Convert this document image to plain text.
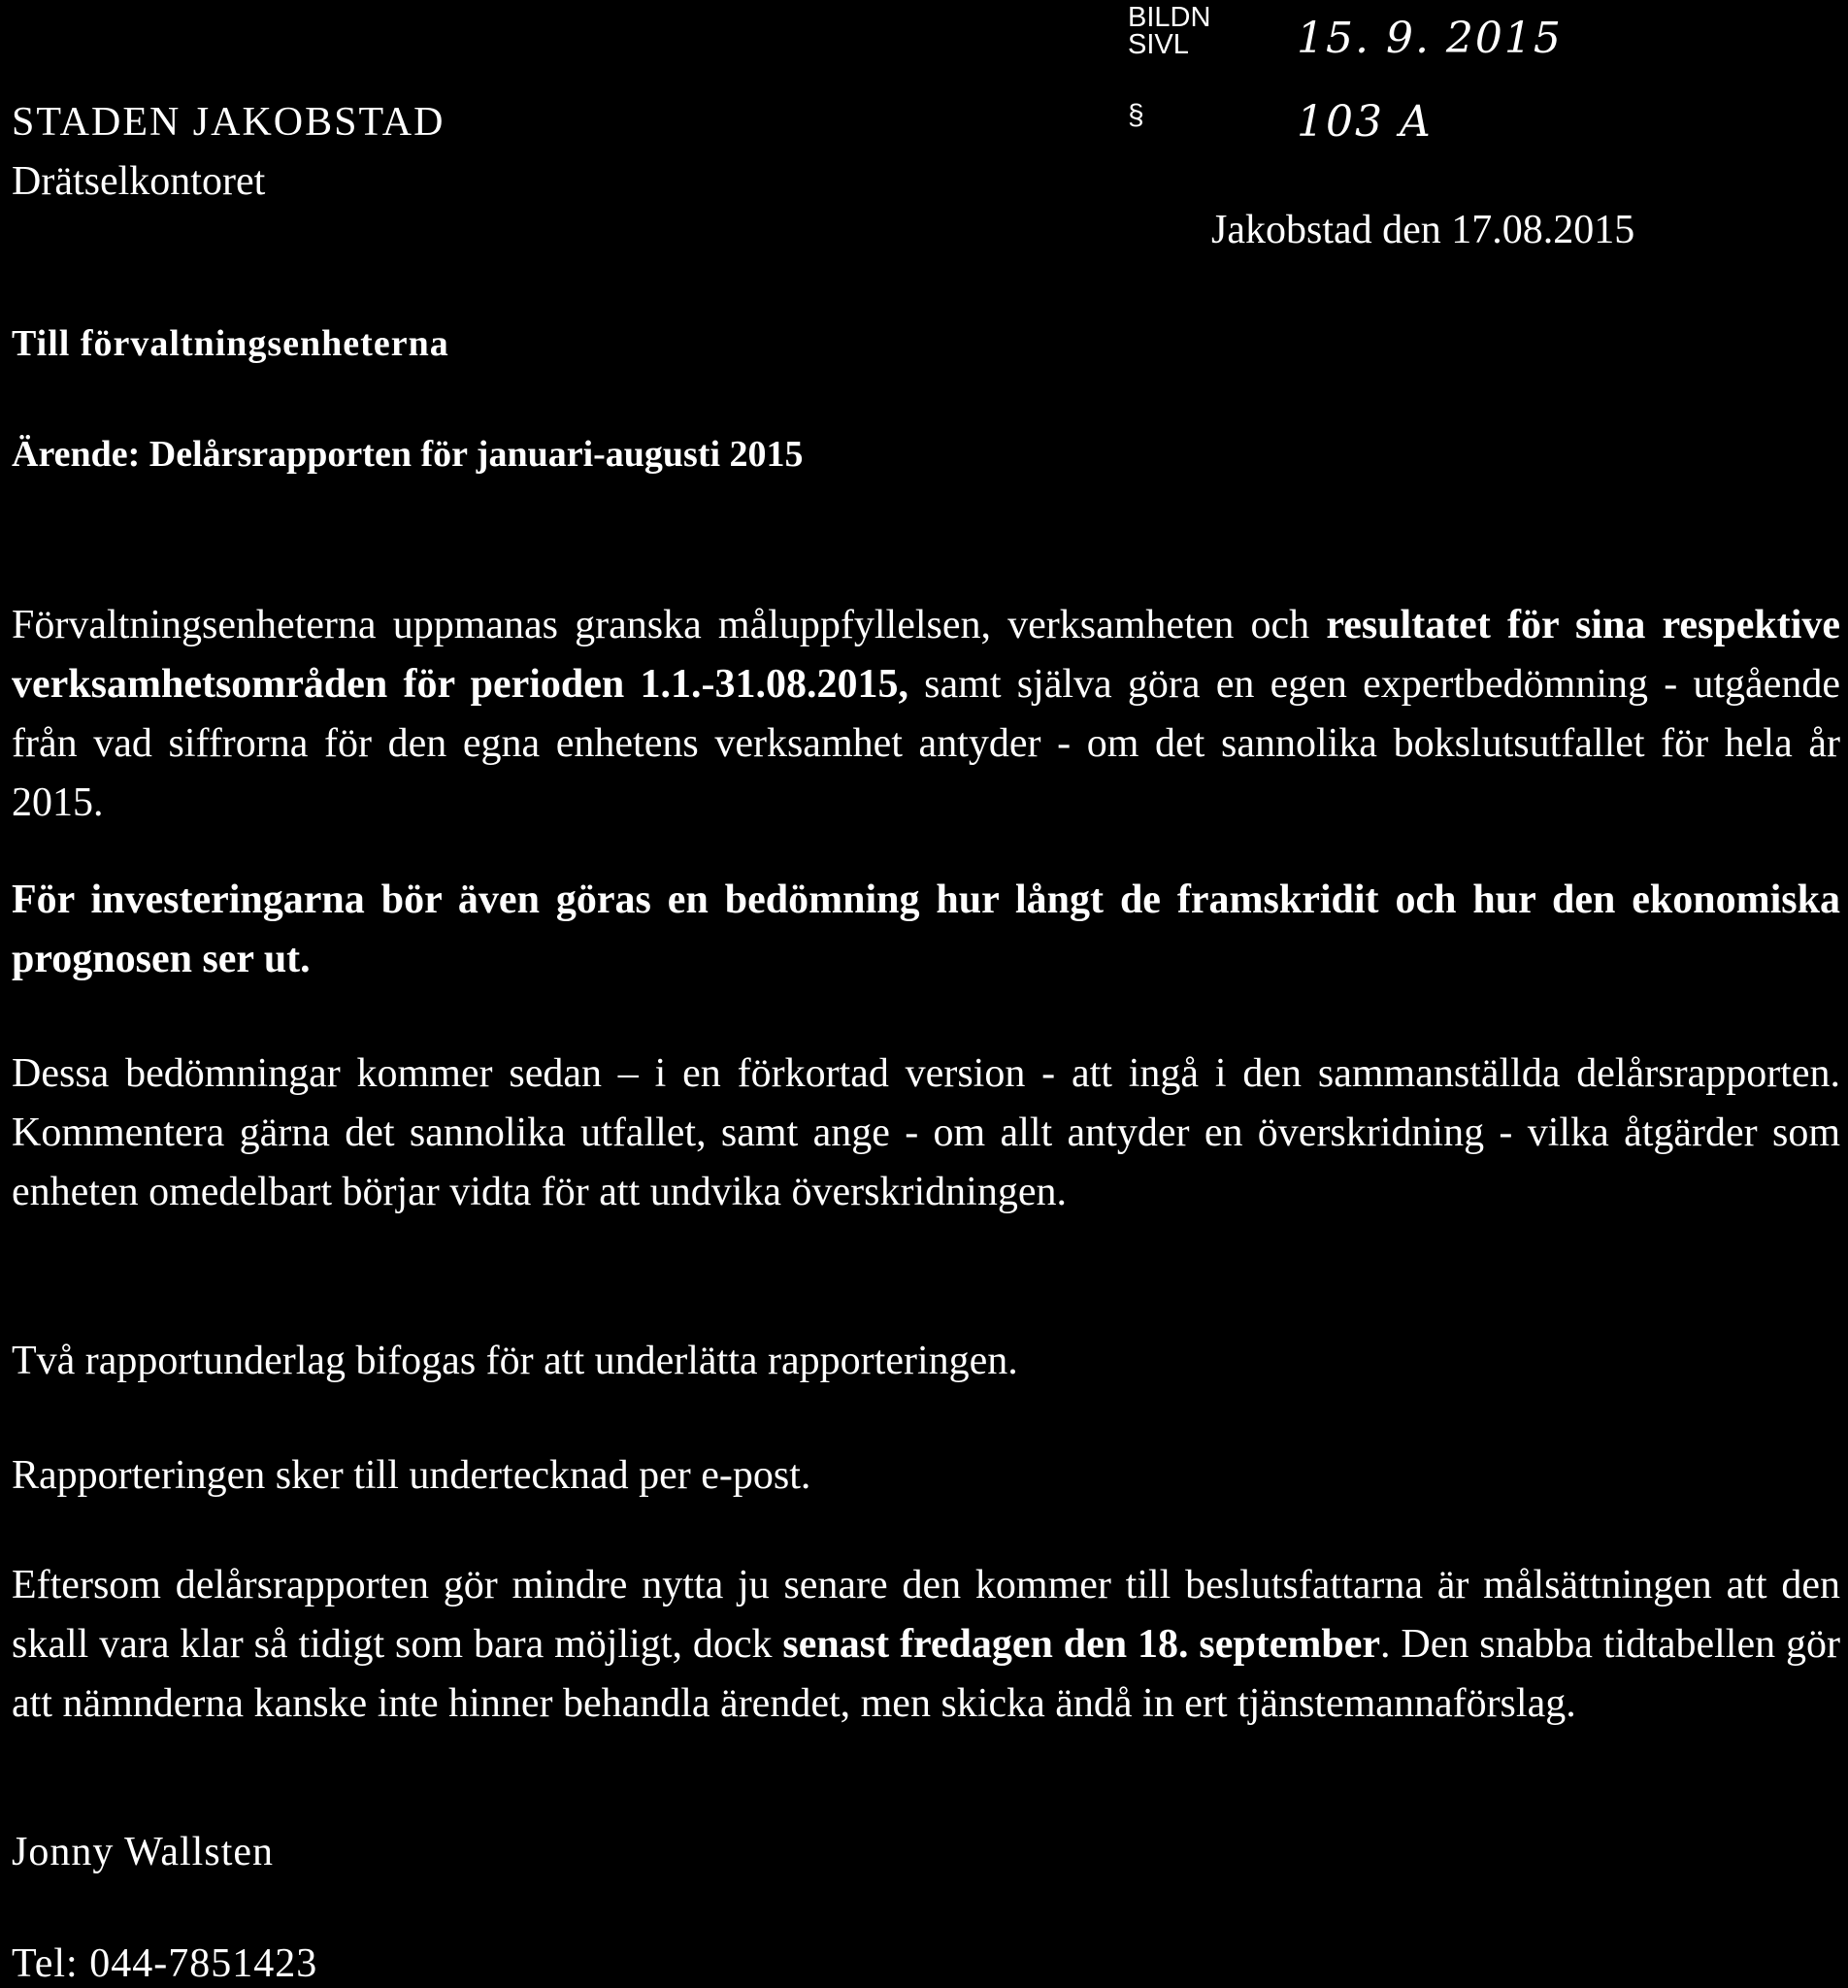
STADEN JAKOBSTAD
Drätselkontoret
BILDN
SIVL	15. 9. 2015
§	103 A
Jakobstad den 17.08.2015
Till förvaltningsenheterna
Ärende: Delårsrapporten för januari-augusti 2015
Förvaltningsenheterna uppmanas granska måluppfyllelsen, verksamheten och resultatet för sina respektive verksamhetsområden för perioden 1.1.-31.08.2015, samt själva göra en egen expertbedömning - utgående från vad siffrorna för den egna enhetens verksamhet antyder - om det sannolika bokslutsutfallet för hela år 2015.
För investeringarna bör även göras en bedömning hur långt de framskridit och hur den ekonomiska prognosen ser ut.
Dessa bedömningar kommer sedan – i en förkortad version - att ingå i den sammanställda delårsrapporten. Kommentera gärna det sannolika utfallet, samt ange - om allt antyder en överskridning - vilka åtgärder som enheten omedelbart börjar vidta för att undvika överskridningen.
Två rapportunderlag bifogas för att underlätta rapporteringen.
Rapporteringen sker till undertecknad per e-post.
Eftersom delårsrapporten gör mindre nytta ju senare den kommer till beslutsfattarna är målsättningen att den skall vara klar så tidigt som bara möjligt, dock senast fredagen den 18. september. Den snabba tidtabellen gör att nämnderna kanske inte hinner behandla ärendet, men skicka ändå in ert tjänstemannaförslag.
Jonny Wallsten
Tel: 044-7851423
